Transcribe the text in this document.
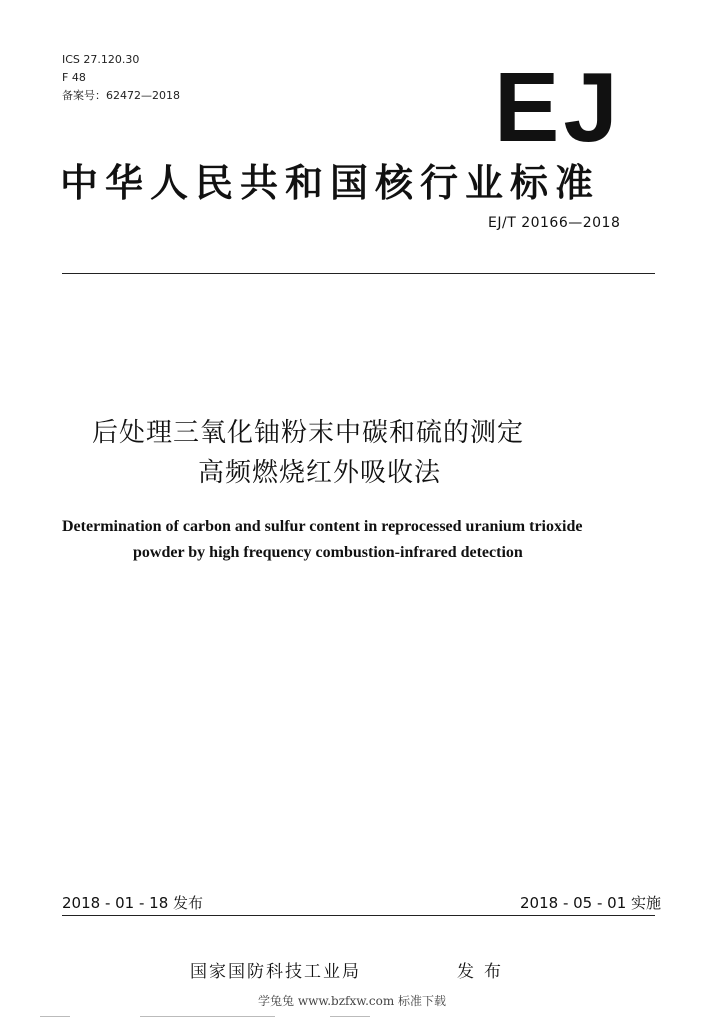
ICS 27.120.30
F 48
备案号：62472—2018	EJ
中华人民共和国核行业标准
EJ/T 20166—2018
后处理三氧化铀粉末中碳和硫的测定
高频燃烧红外吸收法
Determination of carbon and sulfur content in reprocessed uranium trioxide
powder by high frequency combustion-infrared detection
2018 - 01 - 18 发布	2018 - 05 - 01 实施
国家国防科技工业局	发布
学兔兔 www.bzfxw.com 标准下载
